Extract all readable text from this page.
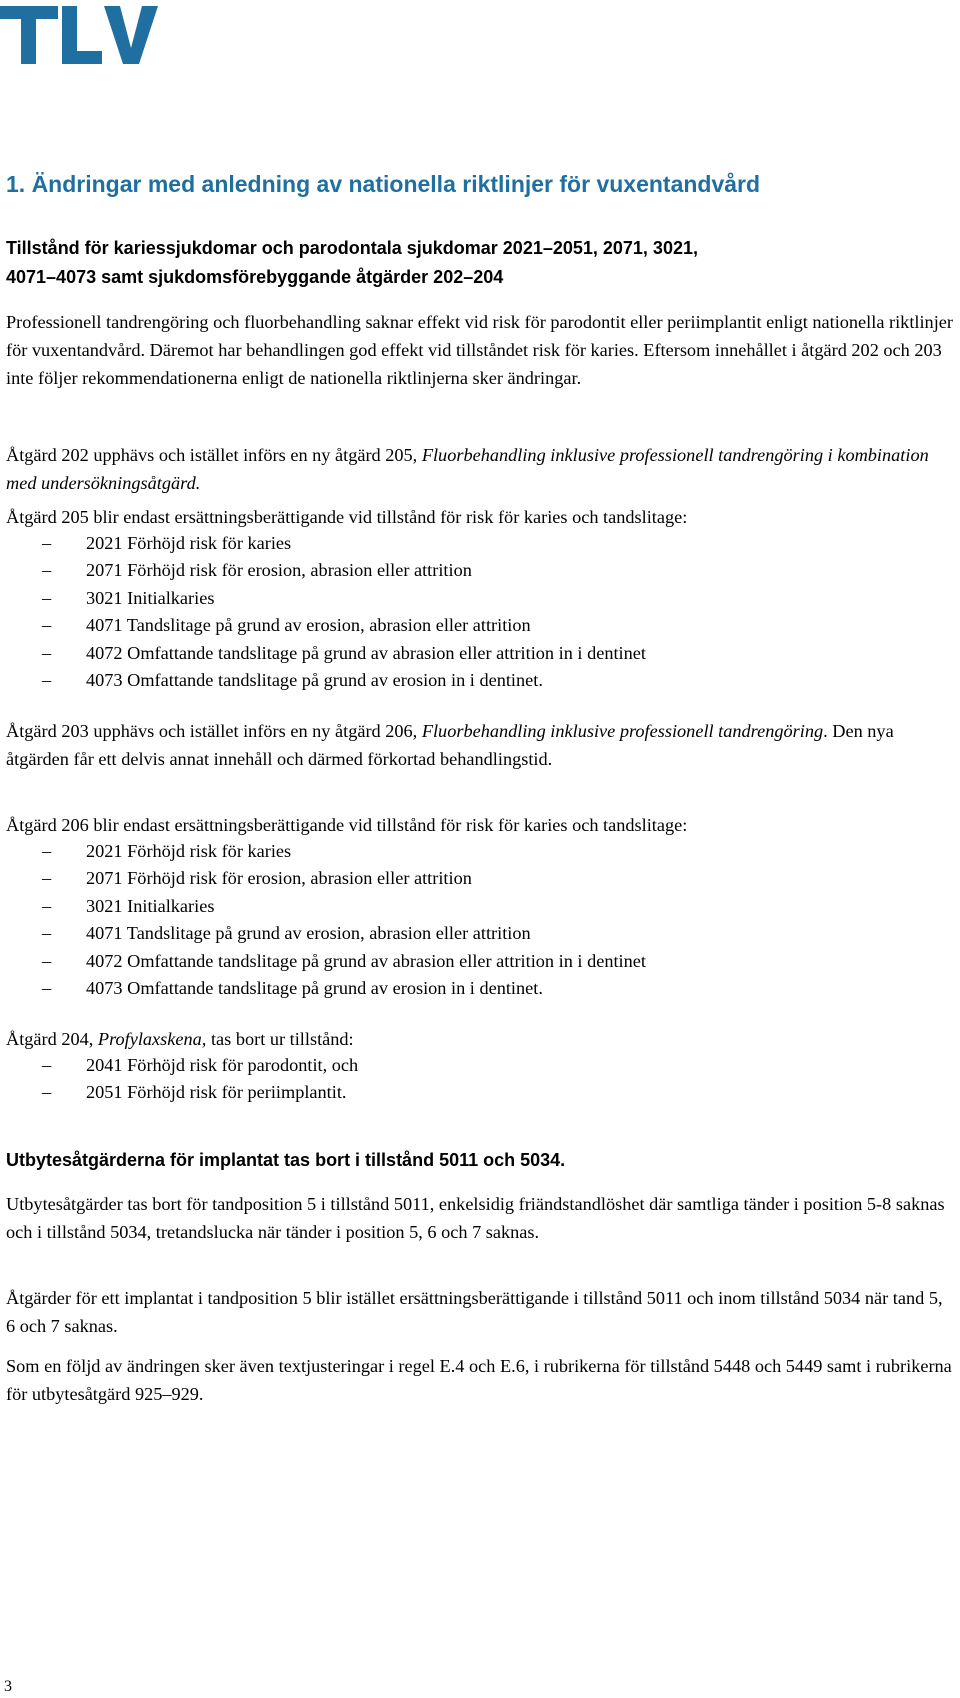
1. Ändringar med anledning av nationella riktlinjer för vuxentandvård
Tillstånd för kariessjukdomar och parodontala sjukdomar 2021–2051, 2071, 3021,
4071–4073 samt sjukdomsförebyggande åtgärder 202–204

Professionell tandrengöring och fluorbehandling saknar effekt vid risk för parodontit eller periimplantit enligt nationella riktlinjer för vuxentandvård. Däremot har behandlingen god effekt vid tillståndet risk för karies. Eftersom innehållet i åtgärd 202 och 203 inte följer rekommendationerna enligt de nationella riktlinjerna sker ändringar.

Åtgärd 202 upphävs och istället införs en ny åtgärd 205, Fluorbehandling inklusive professionell tandrengöring i kombination med undersökningsåtgärd.

Åtgärd 205 blir endast ersättningsberättigande vid tillstånd för risk för karies och tandslitage:

– 2021 Förhöjd risk för karies
– 2071 Förhöjd risk för erosion, abrasion eller attrition
– 3021 Initialkaries
– 4071 Tandslitage på grund av erosion, abrasion eller attrition
– 4072 Omfattande tandslitage på grund av abrasion eller attrition in i dentinet
– 4073 Omfattande tandslitage på grund av erosion in i dentinet.

Åtgärd 203 upphävs och istället införs en ny åtgärd 206, Fluorbehandling inklusive professionell tandrengöring. Den nya åtgärden får ett delvis annat innehåll och därmed förkortad behandlingstid.

Åtgärd 206 blir endast ersättningsberättigande vid tillstånd för risk för karies och tandslitage:

– 2021 Förhöjd risk för karies
– 2071 Förhöjd risk för erosion, abrasion eller attrition
– 3021 Initialkaries
– 4071 Tandslitage på grund av erosion, abrasion eller attrition
– 4072 Omfattande tandslitage på grund av abrasion eller attrition in i dentinet
– 4073 Omfattande tandslitage på grund av erosion in i dentinet.

Åtgärd 204, Profylaxskena, tas bort ur tillstånd:

– 2041 Förhöjd risk för parodontit, och
– 2051 Förhöjd risk för periimplantit.
Utbytesåtgärderna för implantat tas bort i tillstånd 5011 och 5034.

Utbytesåtgärder tas bort för tandposition 5 i tillstånd 5011, enkelsidig friändstandlöshet där samtliga tänder i position 5-8 saknas och i tillstånd 5034, tretandslucka när tänder i position 5, 6 och 7 saknas.

Åtgärder för ett implantat i tandposition 5 blir istället ersättningsberättigande i tillstånd 5011 och inom tillstånd 5034 när tand 5, 6 och 7 saknas.

Som en följd av ändringen sker även textjusteringar i regel E.4 och E.6, i rubrikerna för tillstånd 5448 och 5449 samt i rubrikerna för utbytesåtgärd 925–929.

3
